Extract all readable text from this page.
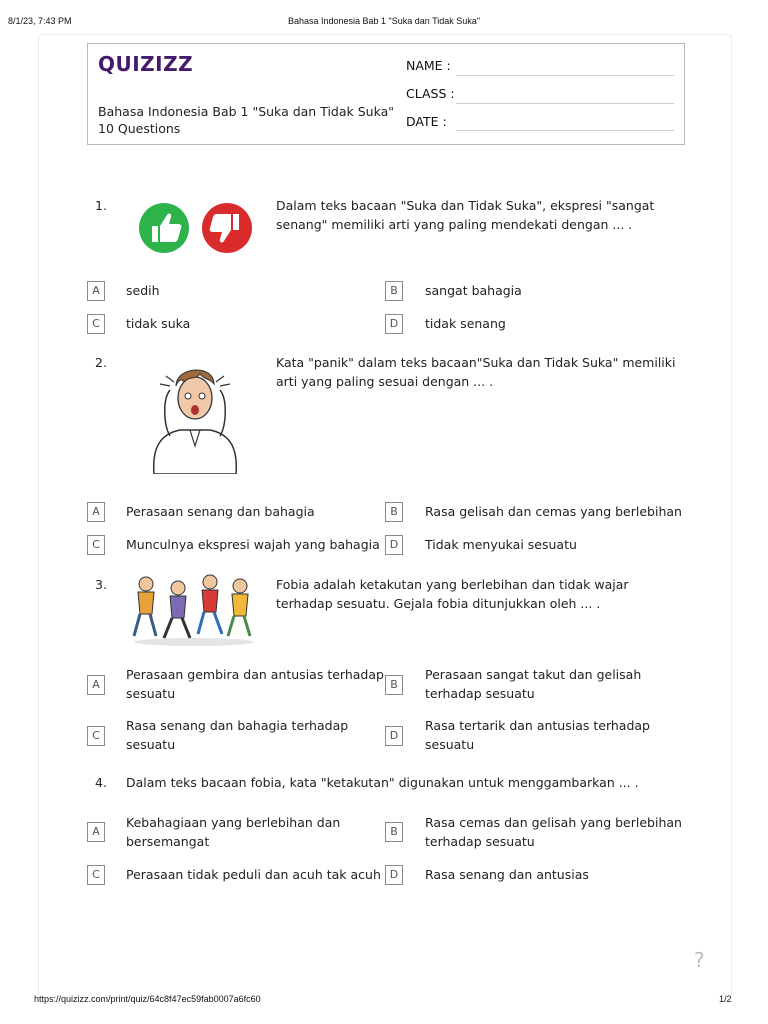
8/1/23, 7:43 PM	Bahasa Indonesia Bab 1 "Suka dan Tidak Suka"
QUIZIZZ
Bahasa Indonesia Bab 1 "Suka dan Tidak Suka"
10 Questions
NAME :
CLASS :
DATE :
1.	Dalam teks bacaan "Suka dan Tidak Suka", ekspresi "sangat senang" memiliki arti yang paling mendekati dengan ... .
A	sedih	B	sangat bahagia
C	tidak suka	D	tidak senang
2.	Kata "panik" dalam teks bacaan"Suka dan Tidak Suka" memiliki arti yang paling sesuai dengan ... .
A	Perasaan senang dan bahagia	B	Rasa gelisah dan cemas yang berlebihan
C	Munculnya ekspresi wajah yang bahagia D	Tidak menyukai sesuatu
3.	Fobia adalah ketakutan yang berlebihan dan tidak wajar terhadap sesuatu. Gejala fobia ditunjukkan oleh ... .
A
Perasaan gembira dan antusias terhadap sesuatu
B
Perasaan sangat takut dan gelisah terhadap sesuatu
C
Rasa senang dan bahagia terhadap sesuatu
D
Rasa tertarik dan antusias terhadap sesuatu
4. Dalam teks bacaan fobia, kata "ketakutan" digunakan untuk menggambarkan ... .
A
Kebahagiaan yang berlebihan dan bersemangat
B
Rasa cemas dan gelisah yang berlebihan terhadap sesuatu
C	Perasaan tidak peduli dan acuh tak acuh D	Rasa senang dan antusias
?
https://quizizz.com/print/quiz/64c8f47ec59fab0007a6fc60	1/2
